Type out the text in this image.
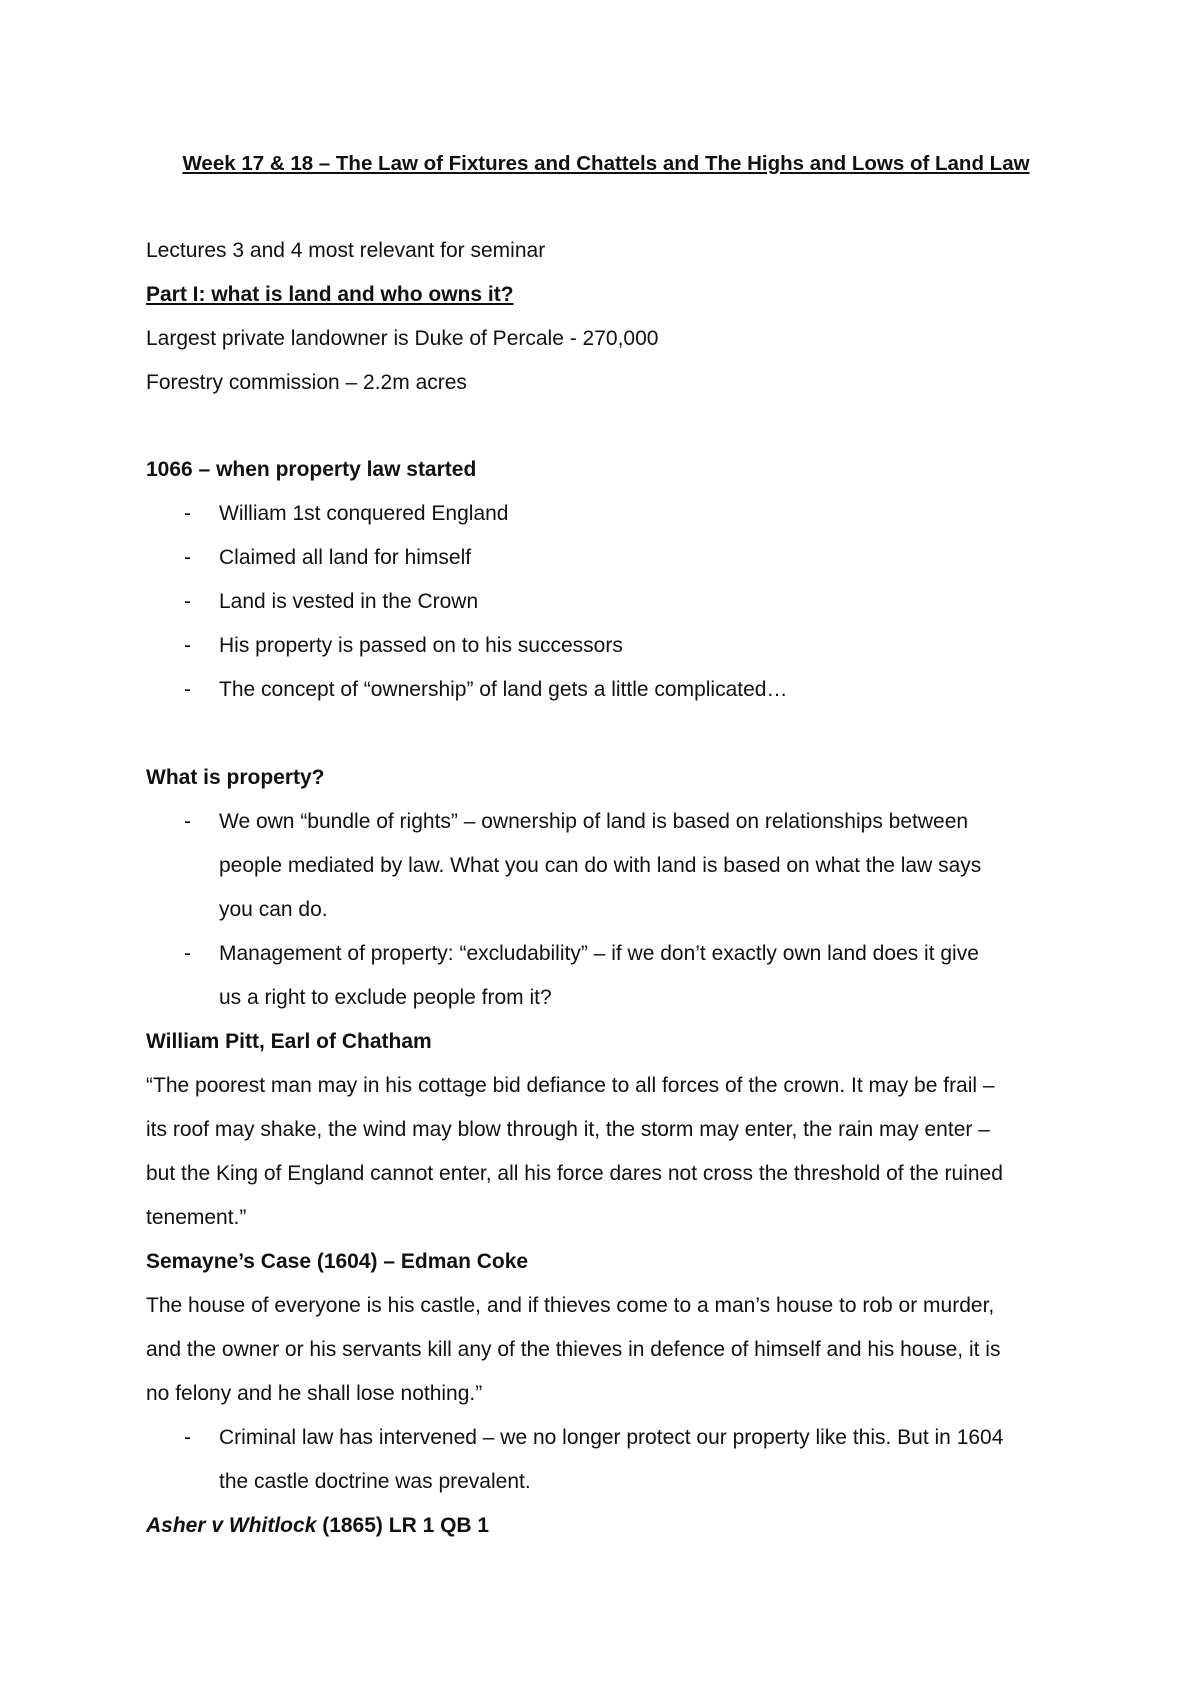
Week 17 & 18 – The Law of Fixtures and Chattels and The Highs and Lows of Land Law
Lectures 3 and 4 most relevant for seminar
Part I: what is land and who owns it?
Largest private landowner is Duke of Percale - 270,000
Forestry commission – 2.2m acres
1066 – when property law started
- William 1st conquered England
- Claimed all land for himself
- Land is vested in the Crown
- His property is passed on to his successors
- The concept of “ownership” of land gets a little complicated…
What is property?
- We own “bundle of rights” – ownership of land is based on relationships between
people mediated by law. What you can do with land is based on what the law says
you can do.
- Management of property: “excludability” – if we don’t exactly own land does it give
us a right to exclude people from it?
William Pitt, Earl of Chatham
“The poorest man may in his cottage bid defiance to all forces of the crown. It may be frail –
its roof may shake, the wind may blow through it, the storm may enter, the rain may enter –
but the King of England cannot enter, all his force dares not cross the threshold of the ruined
tenement.”
Semayne’s Case (1604) – Edman Coke
The house of everyone is his castle, and if thieves come to a man’s house to rob or murder,
and the owner or his servants kill any of the thieves in defence of himself and his house, it is
no felony and he shall lose nothing.”
- Criminal law has intervened – we no longer protect our property like this. But in 1604
the castle doctrine was prevalent.
Asher v Whitlock (1865) LR 1 QB 1
